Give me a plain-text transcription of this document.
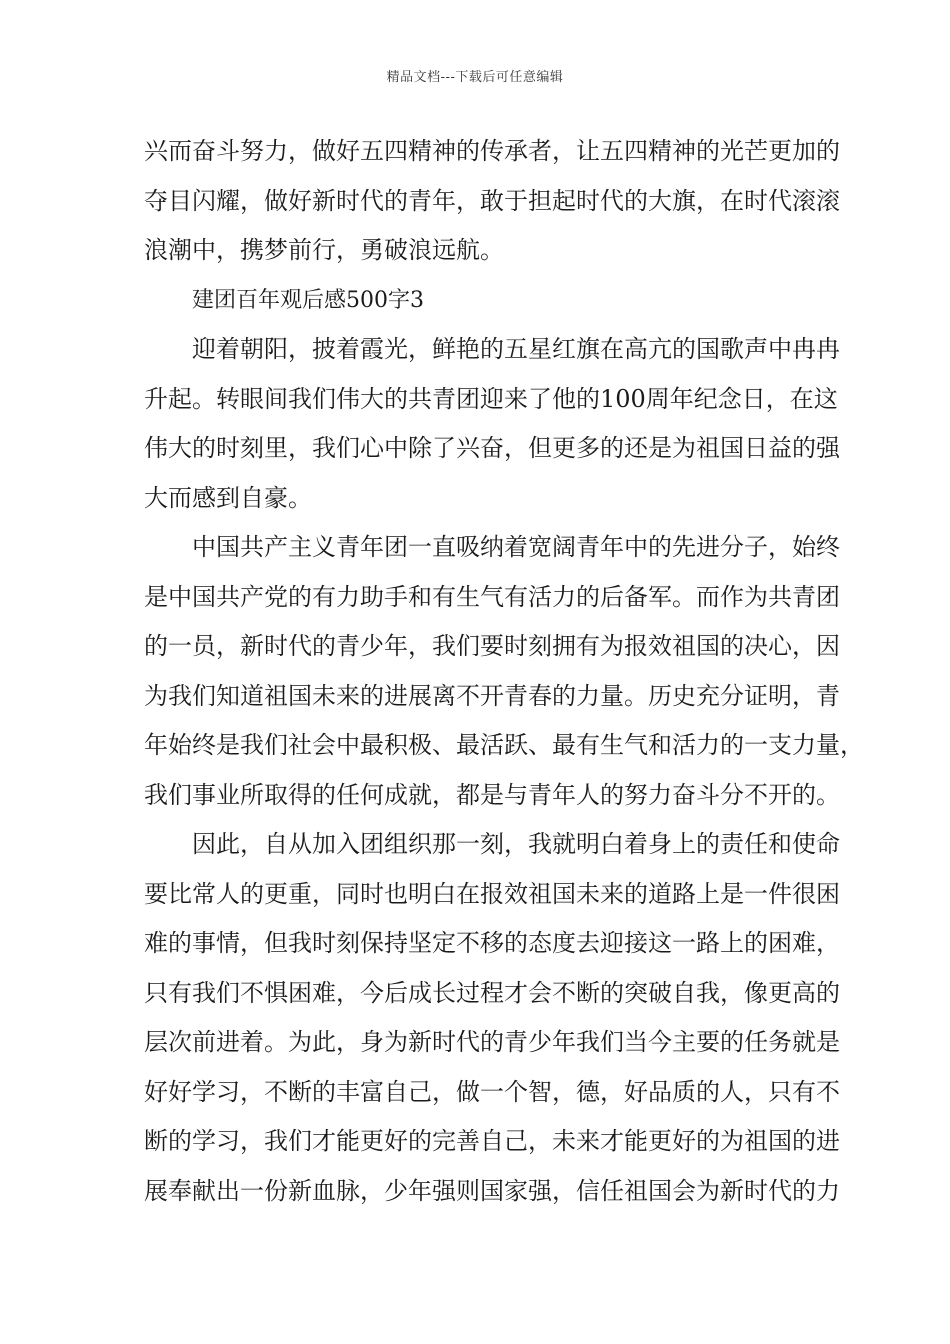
精品文档---下载后可任意编辑
兴而奋斗努力，做好五四精神的传承者，让五四精神的光芒更加的
夺目闪耀，做好新时代的青年，敢于担起时代的大旗，在时代滚滚
浪潮中，携梦前行，勇破浪远航。
建团百年观后感500字3
迎着朝阳，披着霞光，鲜艳的五星红旗在高亢的国歌声中冉冉
升起。转眼间我们伟大的共青团迎来了他的100周年纪念日，在这
伟大的时刻里，我们心中除了兴奋，但更多的还是为祖国日益的强
大而感到自豪。
中国共产主义青年团一直吸纳着宽阔青年中的先进分子，始终
是中国共产党的有力助手和有生气有活力的后备军。而作为共青团
的一员，新时代的青少年，我们要时刻拥有为报效祖国的决心，因
为我们知道祖国未来的进展离不开青春的力量。历史充分证明，青
年始终是我们社会中最积极、最活跃、最有生气和活力的一支力量，
我们事业所取得的任何成就，都是与青年人的努力奋斗分不开的。
因此，自从加入团组织那一刻，我就明白着身上的责任和使命
要比常人的更重，同时也明白在报效祖国未来的道路上是一件很困
难的事情，但我时刻保持坚定不移的态度去迎接这一路上的困难，
只有我们不惧困难，今后成长过程才会不断的突破自我，像更高的
层次前进着。为此，身为新时代的青少年我们当今主要的任务就是
好好学习，不断的丰富自己，做一个智，德，好品质的人，只有不
断的学习，我们才能更好的完善自己，未来才能更好的为祖国的进
展奉献出一份新血脉，少年强则国家强，信任祖国会为新时代的力
